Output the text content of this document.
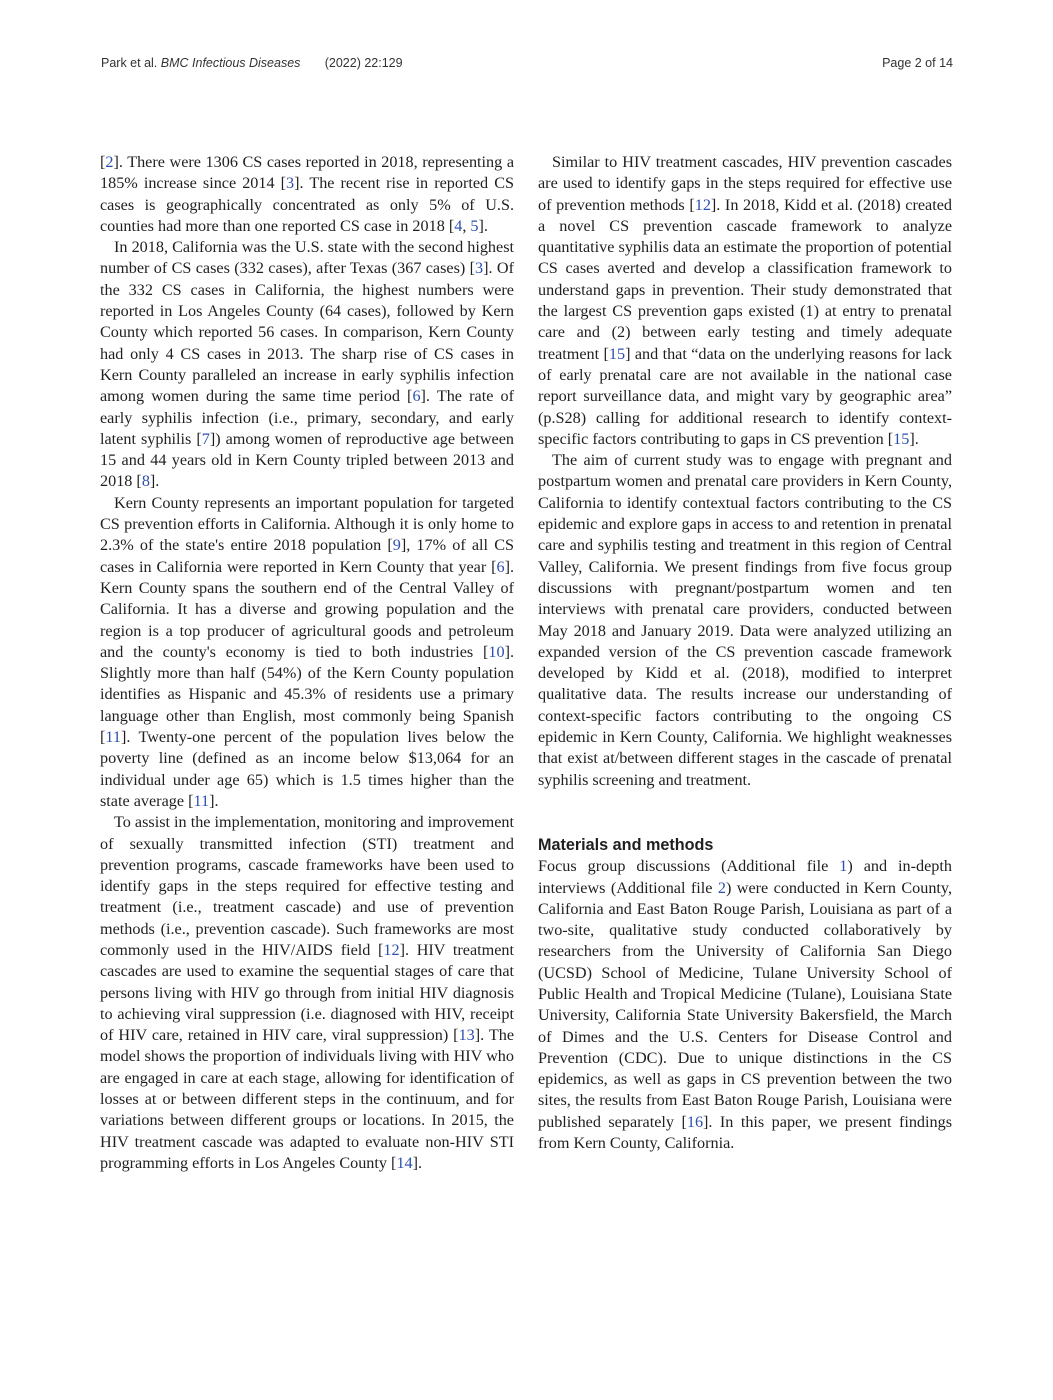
Park et al. BMC Infectious Diseases (2022) 22:129	Page 2 of 14

[2]. There were 1306 CS cases reported in 2018, representing a 185% increase since 2014 [3]. The recent rise in reported CS cases is geographically concentrated as only 5% of U.S. counties had more than one reported CS case in 2018 [4, 5].

In 2018, California was the U.S. state with the second highest number of CS cases (332 cases), after Texas (367 cases) [3]. Of the 332 CS cases in California, the highest numbers were reported in Los Angeles County (64 cases), followed by Kern County which reported 56 cases. In comparison, Kern County had only 4 CS cases in 2013. The sharp rise of CS cases in Kern County paralleled an increase in early syphilis infection among women during the same time period [6]. The rate of early syphilis infection (i.e., primary, secondary, and early latent syphilis [7]) among women of reproductive age between 15 and 44 years old in Kern County tripled between 2013 and 2018 [8].

Kern County represents an important population for targeted CS prevention efforts in California. Although it is only home to 2.3% of the state's entire 2018 population [9], 17% of all CS cases in California were reported in Kern County that year [6]. Kern County spans the southern end of the Central Valley of California. It has a diverse and growing population and the region is a top producer of agricultural goods and petroleum and the county's economy is tied to both industries [10]. Slightly more than half (54%) of the Kern County population identifies as Hispanic and 45.3% of residents use a primary language other than English, most commonly being Spanish [11]. Twenty-one percent of the population lives below the poverty line (defined as an income below $13,064 for an individual under age 65) which is 1.5 times higher than the state average [11].

To assist in the implementation, monitoring and improvement of sexually transmitted infection (STI) treatment and prevention programs, cascade frameworks have been used to identify gaps in the steps required for effective testing and treatment (i.e., treatment cascade) and use of prevention methods (i.e., prevention cascade). Such frameworks are most commonly used in the HIV/AIDS field [12]. HIV treatment cascades are used to examine the sequential stages of care that persons living with HIV go through from initial HIV diagnosis to achieving viral suppression (i.e. diagnosed with HIV, receipt of HIV care, retained in HIV care, viral suppression) [13]. The model shows the proportion of individuals living with HIV who are engaged in care at each stage, allowing for identification of losses at or between different steps in the continuum, and for variations between different groups or locations. In 2015, the HIV treatment cascade was adapted to evaluate non-HIV STI programming efforts in Los Angeles County [14].

Similar to HIV treatment cascades, HIV prevention cascades are used to identify gaps in the steps required for effective use of prevention methods [12]. In 2018, Kidd et al. (2018) created a novel CS prevention cascade framework to analyze quantitative syphilis data an estimate the proportion of potential CS cases averted and develop a classification framework to understand gaps in prevention. Their study demonstrated that the largest CS prevention gaps existed (1) at entry to prenatal care and (2) between early testing and timely adequate treatment [15] and that “data on the underlying reasons for lack of early prenatal care are not available in the national case report surveillance data, and might vary by geographic area” (p.S28) calling for additional research to identify context-specific factors contributing to gaps in CS prevention [15].

The aim of current study was to engage with pregnant and postpartum women and prenatal care providers in Kern County, California to identify contextual factors contributing to the CS epidemic and explore gaps in access to and retention in prenatal care and syphilis testing and treatment in this region of Central Valley, California. We present findings from five focus group discussions with pregnant/postpartum women and ten interviews with prenatal care providers, conducted between May 2018 and January 2019. Data were analyzed utilizing an expanded version of the CS prevention cascade framework developed by Kidd et al. (2018), modified to interpret qualitative data. The results increase our understanding of context-specific factors contributing to the ongoing CS epidemic in Kern County, California. We highlight weaknesses that exist at/between different stages in the cascade of prenatal syphilis screening and treatment.

Materials and methods

Focus group discussions (Additional file 1) and in-depth interviews (Additional file 2) were conducted in Kern County, California and East Baton Rouge Parish, Louisiana as part of a two-site, qualitative study conducted collaboratively by researchers from the University of California San Diego (UCSD) School of Medicine, Tulane University School of Public Health and Tropical Medicine (Tulane), Louisiana State University, California State University Bakersfield, the March of Dimes and the U.S. Centers for Disease Control and Prevention (CDC). Due to unique distinctions in the CS epidemics, as well as gaps in CS prevention between the two sites, the results from East Baton Rouge Parish, Louisiana were published separately [16]. In this paper, we present findings from Kern County, California.
